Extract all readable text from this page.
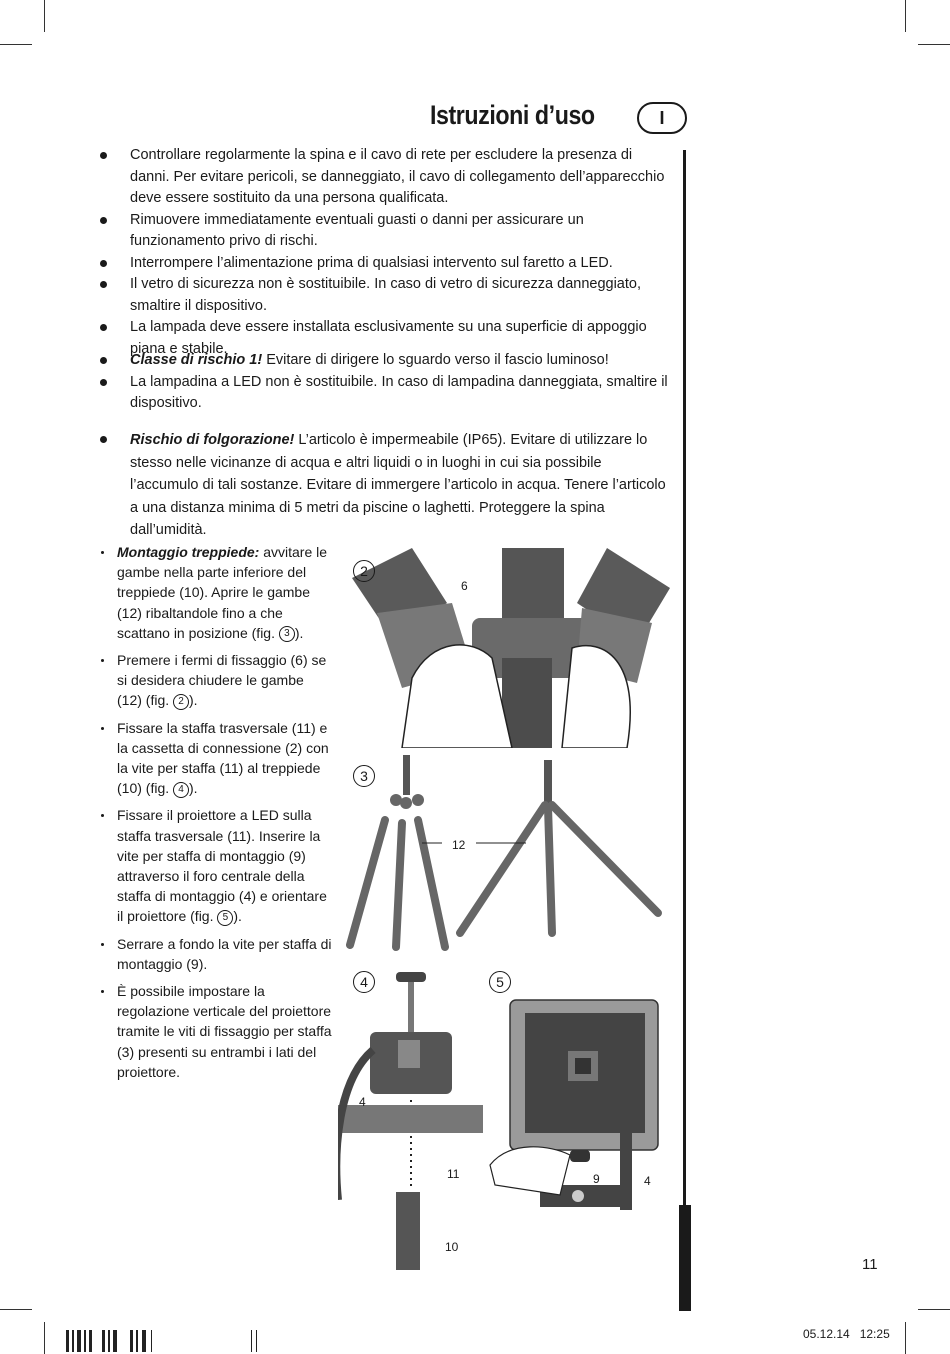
Istruzioni d’uso	I
Controllare regolarmente la spina e il cavo di rete per escludere la presenza di danni. Per evitare pericoli, se danneggiato, il cavo di collegamento dell’apparecchio deve essere sostituito da una persona qualificata.
Rimuovere immediatamente eventuali guasti o danni per assicurare un funzionamento privo di rischi.
Interrompere l’alimentazione prima di qualsiasi intervento sul faretto a LED.
Il vetro di sicurezza non è sostituibile. In caso di vetro di sicurezza danneggiato, smaltire il dispositivo.
La lampada deve essere installata esclusivamente su una superficie di appoggio piana e stabile.
Classe di rischio 1! Evitare di dirigere lo sguardo verso il fascio luminoso!
La lampadina a LED non è sostituibile. In caso di lampadina danneggiata, smaltire il dispositivo.
Rischio di folgorazione! L’articolo è impermeabile (IP65). Evitare di utilizzare lo stesso nelle vicinanze di acqua e altri liquidi o in luoghi in cui sia possibile l’accumulo di tali sostanze. Evitare di immergere l’articolo in acqua. Tenere l’articolo a una distanza minima di 5 metri da piscine o laghetti. Proteggere la spina dall’umidità.
Montaggio treppiede: avvitare le gambe nella parte inferiore del treppiede (10). Aprire le gambe (12) ribaltandole fino a che scattano in posizione (fig. 3 ).
Premere i fermi di fissaggio (6) se si desidera chiudere le gambe (12) (fig. 2 ).
Fissare la staffa trasversale (11) e la cassetta di connessione (2) con la vite per staffa (11) al treppiede (10) (fig. 4 ).
Fissare il proiettore a LED sulla staffa trasversale (11). Inserire la vite per staffa di montaggio (9) attraverso il foro centrale della staffa di montaggio (4) e orientare il proiettore (fig. 5 ).
Serrare a fondo la vite per staffa di montaggio (9).
È possibile impostare la regolazione verticale del proiettore tramite le viti di fissaggio per staffa (3) presenti su entrambi i lati del proiettore.
2
6
3
12
4
4
11
10
5
9	4
11
05.12.14   12:25
